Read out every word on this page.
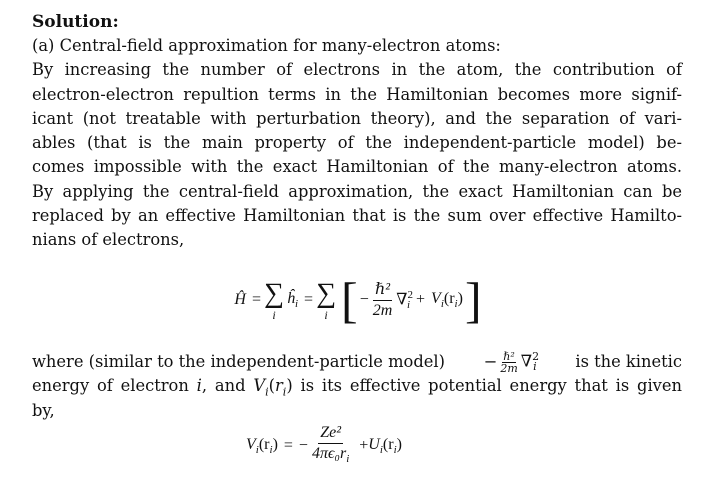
Solution:
(a) Central-field approximation for many-electron atoms:
By increasing the number of electrons in the atom, the contribution of
electron-electron repultion terms in the Hamiltonian becomes more signif-
icant (not treatable with perturbation theory), and the separation of vari-
ables (that is the main property of the independent-particle model) be-
comes impossible with the exact Hamiltonian of the many-electron atoms.
By applying the central-field approximation, the exact Hamiltonian can be
replaced by an effective Hamiltonian that is the sum over effective Hamilto-
nians of electrons,
Ĥ = ∑
i
$ĥ_i$ = ∑
i [ − $\frac{\text{ℏ²}}{2m} \nabla^2_i + V_i(r_i)$ ]
where (similar to the independent-particle model) − $\frac{\text{ℏ²}}{2m} \nabla^2_i$ is the kinetic
energy of electron i, and $V_i(r_i)$ is its effective potential energy that is given
by,
$V_i(r_i)$ = − $\frac{\text{Ze²}}{4\pi\epsilon_0r_i} + U_i(r_i)$
